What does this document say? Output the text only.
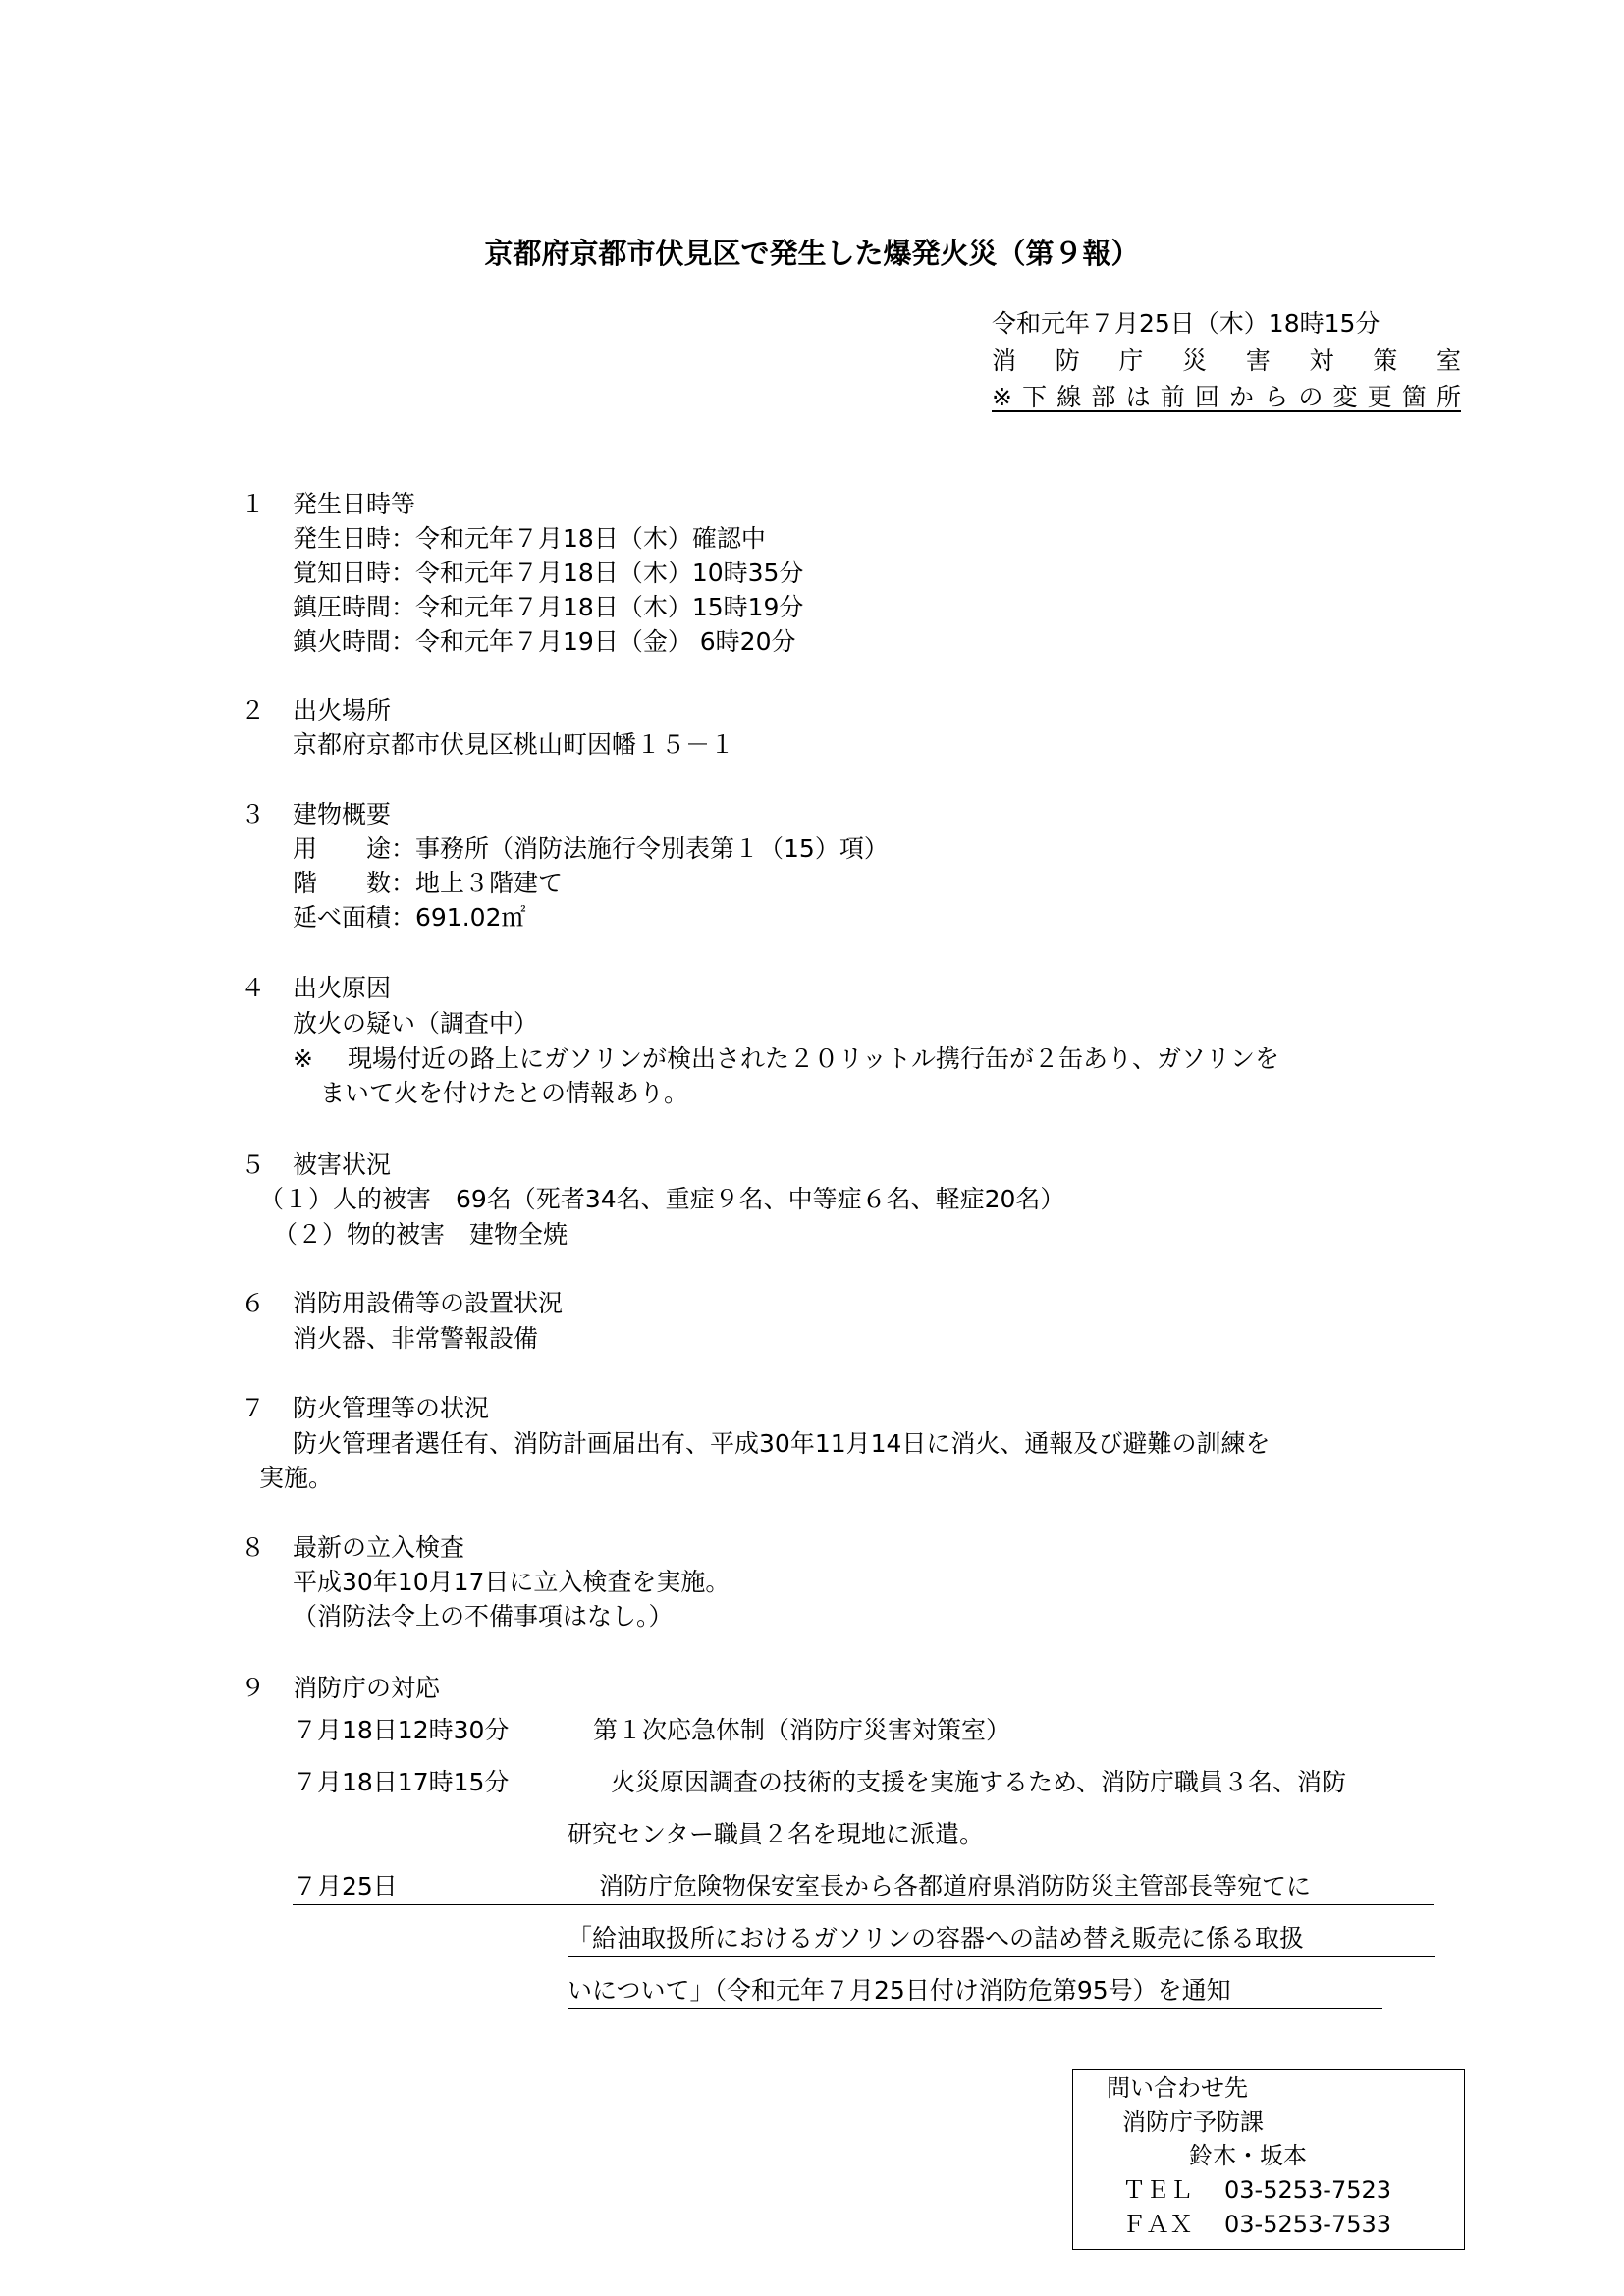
京都府京都市伏見区で発生した爆発火災（第９報）
令和元年７月25日（木）18時15分
消防庁災害対策室
※下線部は前回からの変更箇所
１ 発生日時等
発生日時：令和元年７月18日（木）確認中
覚知日時：令和元年７月18日（木）10時35分
鎮圧時間：令和元年７月18日（木）15時19分
鎮火時間：令和元年７月19日（金） 6時20分
２ 出火場所
京都府京都市伏見区桃山町因幡１５－１
３ 建物概要
用　　途：事務所（消防法施行令別表第１（15）項）
階　　数：地上３階建て
延べ面積：691.02㎡
４ 出火原因
放火の疑い（調査中）
※ 現場付近の路上にガソリンが検出された２０リットル携行缶が２缶あり、ガソリンを
まいて火を付けたとの情報あり。
５ 被害状況
（１）人的被害　69名（死者34名、重症９名、中等症６名、軽症20名）
（２）物的被害　建物全焼
６ 消防用設備等の設置状況
消火器、非常警報設備
７ 防火管理等の状況
防火管理者選任有、消防計画届出有、平成30年11月14日に消火、通報及び避難の訓練を
実施。
８ 最新の立入検査
平成30年10月17日に立入検査を実施。
（消防法令上の不備事項はなし。）
９ 消防庁の対応
７月18日12時30分	第１次応急体制（消防庁災害対策室）
７月18日17時15分	火災原因調査の技術的支援を実施するため、消防庁職員３名、消防
研究センター職員２名を現地に派遣。
７月25日	消防庁危険物保安室長から各都道府県消防防災主管部長等宛てに
「給油取扱所におけるガソリンの容器への詰め替え販売に係る取扱
いについて」（令和元年７月25日付け消防危第95号）を通知
問い合わせ先
消防庁予防課
鈴木・坂本
ＴＥＬ 03-5253-7523
ＦＡＸ 03-5253-7533
